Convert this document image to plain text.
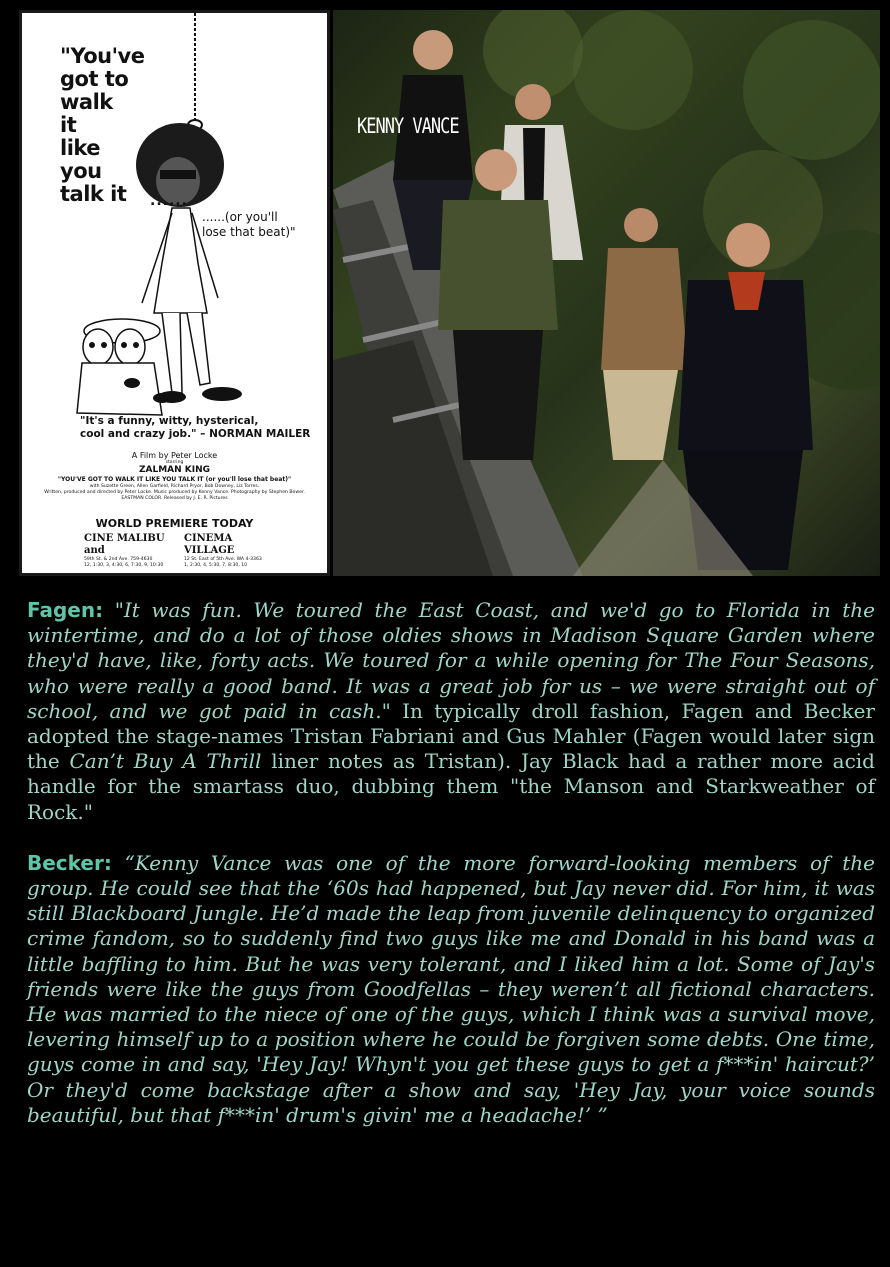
"You've
got to
walk
it
like
you
talk it	......
......(or you'll
lose that beat)"
"It's a funny, witty, hysterical,
cool and crazy job." – NORMAN MAILER
A Film by Peter Locke
starring
ZALMAN KING
"YOU'VE GOT TO WALK IT LIKE YOU TALK IT (or you'll lose that beat)"
with Suzette Green, Allen Garfield, Richard Pryor, Bob Downey, Liz Torres.
Written, produced and directed by Peter Locke. Music produced by Kenny Vance. Photography by Stephen Bower.
EASTMAN COLOR. Released by J. E. R. Pictures
WORLD PREMIERE TODAY
CINE MALIBU and
59th St. & 2nd Ave. 759-4630
12, 1:30, 3, 4:30, 6, 7:30, 9, 10:30
CINEMA VILLAGE
12 St. East of 5th Ave. WA 4-3363
1, 2:30, 4, 5:30, 7, 8:30, 10
KENNY VANCE

Fagen: "It was fun. We toured the East Coast, and we'd go to Florida in the wintertime, and do a lot of those oldies shows in Madison Square Garden where they'd have, like, forty acts. We toured for a while opening for The Four Seasons, who were really a good band. It was a great job for us – we were straight out of school, and we got paid in cash." In typically droll fashion, Fagen and Becker adopted the stage-names Tristan Fabriani and Gus Mahler (Fagen would later sign the Can’t Buy A Thrill liner notes as Tristan). Jay Black had a rather more acid handle for the smartass duo, dubbing them "the Manson and Starkweather of Rock."

Becker: “Kenny Vance was one of the more forward-looking members of the group. He could see that the ‘60s had happened, but Jay never did. For him, it was still Blackboard Jungle. He’d made the leap from juvenile delinquency to organized crime fandom, so to suddenly find two guys like me and Donald in his band was a little baffling to him. But he was very tolerant, and I liked him a lot. Some of Jay's friends were like the guys from Goodfellas – they weren’t all fictional characters. He was married to the niece of one of the guys, which I think was a survival move, levering himself up to a position where he could be forgiven some debts. One time, guys come in and say, 'Hey Jay! Whyn't you get these guys to get a f***in' haircut?’ Or they'd come backstage after a show and say, 'Hey Jay, your voice sounds beautiful, but that f***in' drum's givin' me a headache!’ ”
